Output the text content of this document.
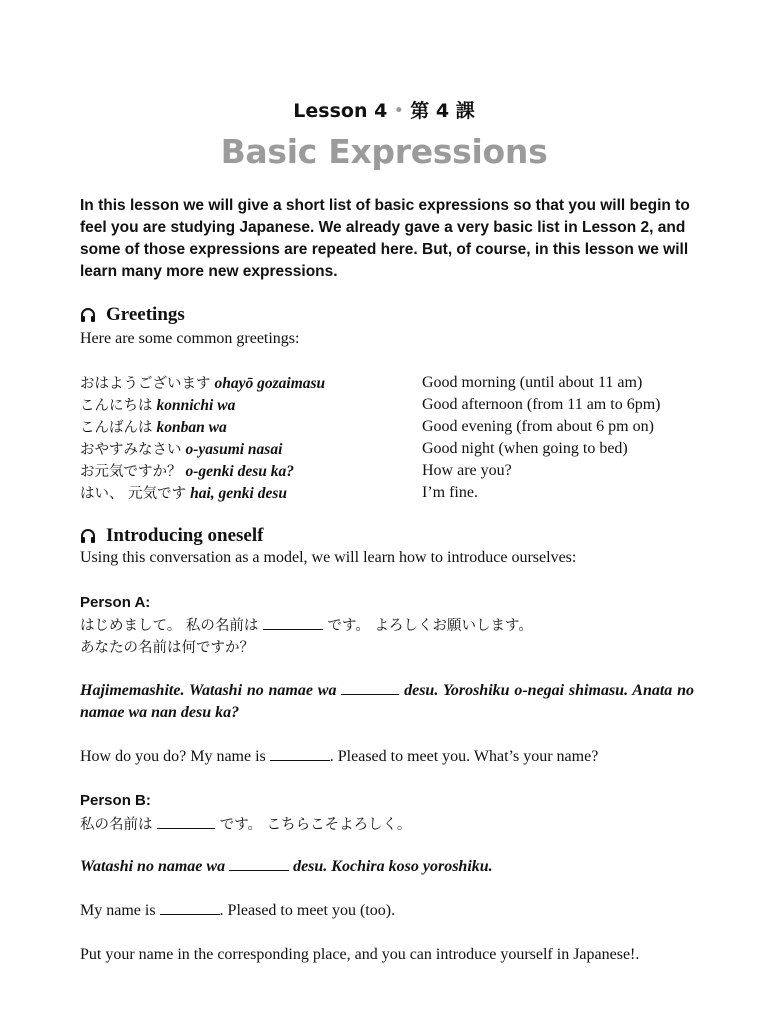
Lesson 4 • 第 4 課
Basic Expressions
In this lesson we will give a short list of basic expressions so that you will begin to feel you are studying Japanese. We already gave a very basic list in Lesson 2, and some of those expressions are repeated here. But, of course, in this lesson we will learn many more new expressions.
Greetings
Here are some common greetings:
おはようございます ohayō gozaimasu	Good morning (until about 11 am)
こんにちは konnichi wa	Good afternoon (from 11 am to 6pm)
こんばんは konban wa	Good evening (from about 6 pm on)
おやすみなさい o-yasumi nasai	Good night (when going to bed)
お元気ですか？ o-genki desu ka?	How are you?
はい、 元気です hai, genki desu	I’m fine.
Introducing oneself
Using this conversation as a model, we will learn how to introduce ourselves:
Person A:
はじめまして。 私の名前は	です。 よろしくお願いします。
あなたの名前は何ですか？
Hajimemashite. Watashi no namae wa	desu. Yoroshiku o-negai shimasu. Anata no namae wa nan desu ka?
How do you do? My name is	. Pleased to meet you. What’s your name?
Person B:
私の名前は	です。 こちらこそよろしく。
Watashi no namae wa	desu. Kochira koso yoroshiku.
My name is	. Pleased to meet you (too).
Put your name in the corresponding place, and you can introduce yourself in Japanese!.
